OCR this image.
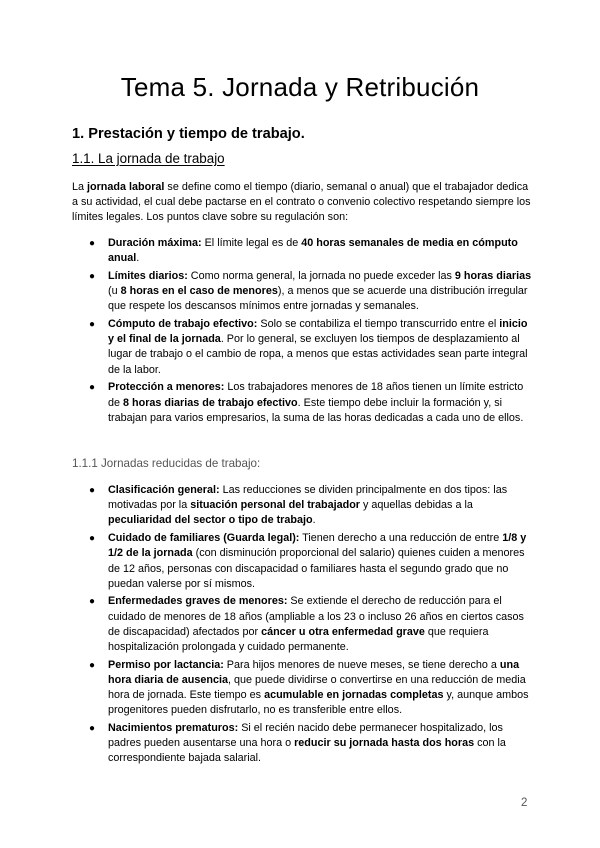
Tema 5. Jornada y Retribución
1. Prestación y tiempo de trabajo.
1.1. La jornada de trabajo

La jornada laboral se define como el tiempo (diario, semanal o anual) que el trabajador dedica a su actividad, el cual debe pactarse en el contrato o convenio colectivo respetando siempre los límites legales. Los puntos clave sobre su regulación son:

● Duración máxima: El límite legal es de 40 horas semanales de media en cómputo anual.
● Límites diarios: Como norma general, la jornada no puede exceder las 9 horas diarias (u 8 horas en el caso de menores), a menos que se acuerde una distribución irregular que respete los descansos mínimos entre jornadas y semanales.
● Cómputo de trabajo efectivo: Solo se contabiliza el tiempo transcurrido entre el inicio y el final de la jornada. Por lo general, se excluyen los tiempos de desplazamiento al lugar de trabajo o el cambio de ropa, a menos que estas actividades sean parte integral de la labor.
● Protección a menores: Los trabajadores menores de 18 años tienen un límite estricto de 8 horas diarias de trabajo efectivo. Este tiempo debe incluir la formación y, si trabajan para varios empresarios, la suma de las horas dedicadas a cada uno de ellos.
1.1.1 Jornadas reducidas de trabajo:
● Clasificación general: Las reducciones se dividen principalmente en dos tipos: las motivadas por la situación personal del trabajador y aquellas debidas a la peculiaridad del sector o tipo de trabajo.
● Cuidado de familiares (Guarda legal): Tienen derecho a una reducción de entre 1/8 y 1/2 de la jornada (con disminución proporcional del salario) quienes cuiden a menores de 12 años, personas con discapacidad o familiares hasta el segundo grado que no puedan valerse por sí mismos.
● Enfermedades graves de menores: Se extiende el derecho de reducción para el cuidado de menores de 18 años (ampliable a los 23 o incluso 26 años en ciertos casos de discapacidad) afectados por cáncer u otra enfermedad grave que requiera hospitalización prolongada y cuidado permanente.
● Permiso por lactancia: Para hijos menores de nueve meses, se tiene derecho a una hora diaria de ausencia, que puede dividirse o convertirse en una reducción de media hora de jornada. Este tiempo es acumulable en jornadas completas y, aunque ambos progenitores pueden disfrutarlo, no es transferible entre ellos.
● Nacimientos prematuros: Si el recién nacido debe permanecer hospitalizado, los padres pueden ausentarse una hora o reducir su jornada hasta dos horas con la correspondiente bajada salarial.
2
